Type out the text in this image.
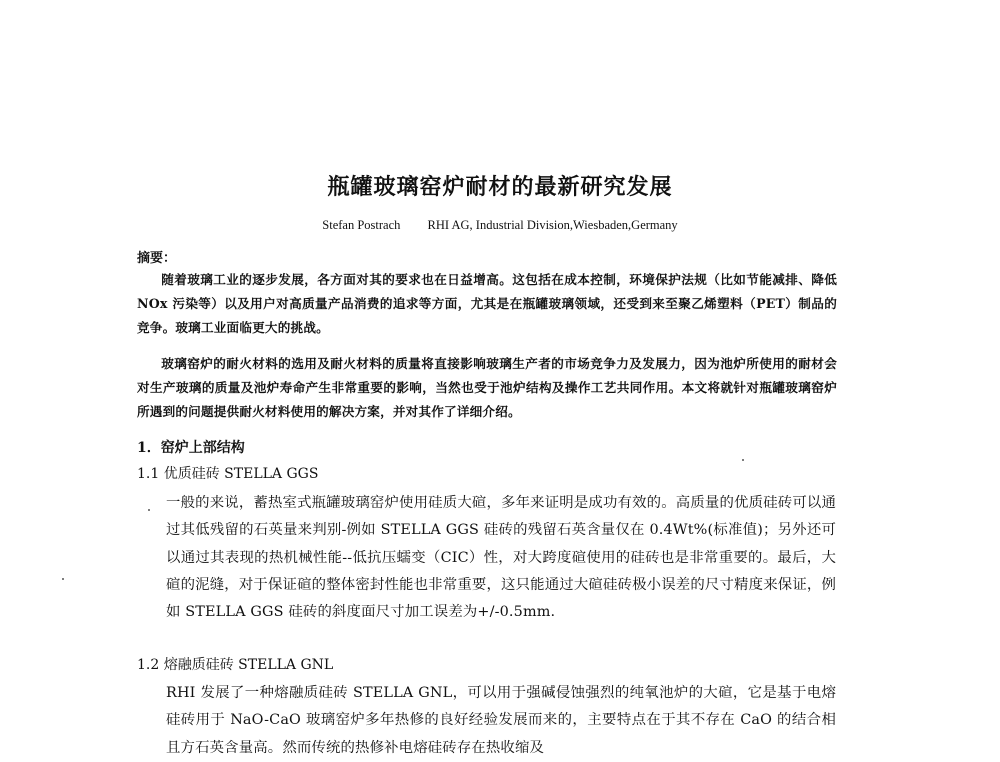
瓶罐玻璃窑炉耐材的最新研究发展
Stefan Postrach RHI AG, Industrial Division,Wiesbaden,Germany
摘要：
随着玻璃工业的逐步发展，各方面对其的要求也在日益增高。这包括在成本控制，环境保护法规（比如节能减排、降低 NOx 污染等）以及用户对高质量产品消费的追求等方面，尤其是在瓶罐玻璃领域，还受到来至聚乙烯塑料（PET）制品的竞争。玻璃工业面临更大的挑战。
玻璃窑炉的耐火材料的选用及耐火材料的质量将直接影响玻璃生产者的市场竞争力及发展力，因为池炉所使用的耐材会对生产玻璃的质量及池炉寿命产生非常重要的影响，当然也受于池炉结构及操作工艺共同作用。本文将就针对瓶罐玻璃窑炉所遇到的问题提供耐火材料使用的解决方案，并对其作了详细介绍。
1．窑炉上部结构
1.1 优质硅砖 STELLA GGS
一般的来说，蓄热室式瓶罐玻璃窑炉使用硅质大碹，多年来证明是成功有效的。高质量的优质硅砖可以通过其低残留的石英量来判别-例如 STELLA GGS 硅砖的残留石英含量仅在 0.4Wt%(标准值)；另外还可以通过其表现的热机械性能--低抗压蠕变（CIC）性，对大跨度碹使用的硅砖也是非常重要的。最后，大碹的泥缝，对于保证碹的整体密封性能也非常重要，这只能通过大碹硅砖极小误差的尺寸精度来保证，例如 STELLA GGS 硅砖的斜度面尺寸加工误差为+/-0.5mm.
1.2 熔融质硅砖 STELLA GNL
RHI 发展了一种熔融质硅砖 STELLA GNL，可以用于强碱侵蚀强烈的纯氧池炉的大碹，它是基于电熔硅砖用于 NaO-CaO 玻璃窑炉多年热修的良好经验发展而来的，主要特点在于其不存在 CaO 的结合相且方石英含量高。然而传统的热修补电熔硅砖存在热收缩及
